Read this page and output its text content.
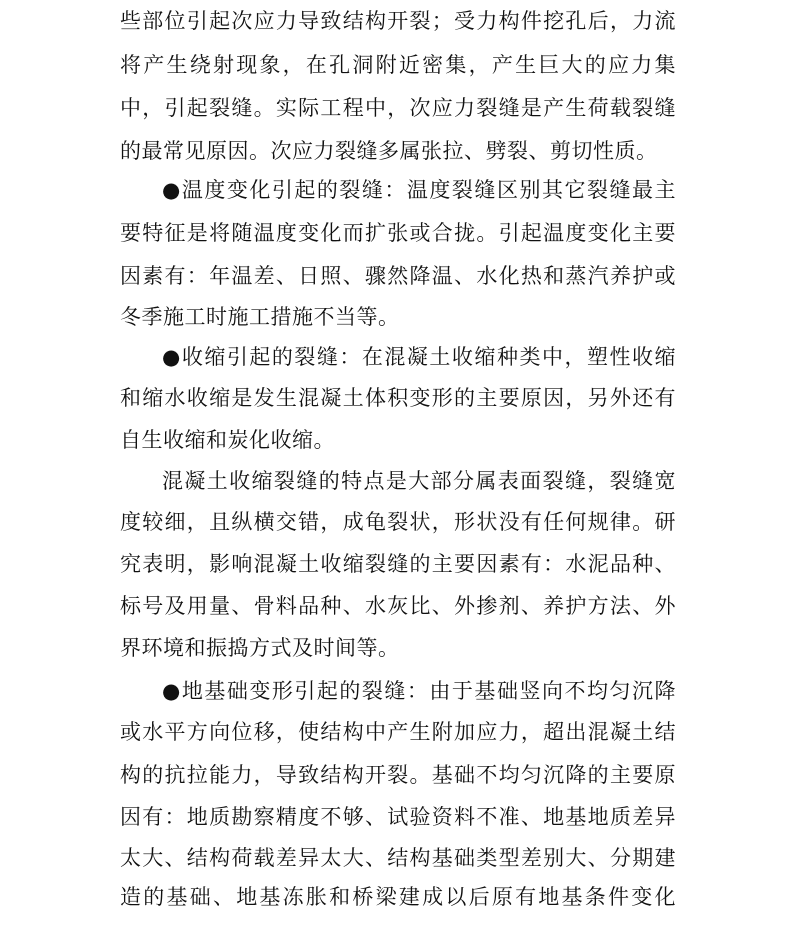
些部位引起次应力导致结构开裂；受力构件挖孔后，力流
将产生绕射现象，在孔洞附近密集，产生巨大的应力集
中，引起裂缝。实际工程中，次应力裂缝是产生荷载裂缝
的最常见原因。次应力裂缝多属张拉、劈裂、剪切性质。
●温度变化引起的裂缝：温度裂缝区别其它裂缝最主
要特征是将随温度变化而扩张或合拢。引起温度变化主要
因素有：年温差、日照、骤然降温、水化热和蒸汽养护或
冬季施工时施工措施不当等。
●收缩引起的裂缝：在混凝土收缩种类中，塑性收缩
和缩水收缩是发生混凝土体积变形的主要原因，另外还有
自生收缩和炭化收缩。
混凝土收缩裂缝的特点是大部分属表面裂缝，裂缝宽
度较细，且纵横交错，成龟裂状，形状没有任何规律。研
究表明，影响混凝土收缩裂缝的主要因素有：水泥品种、
标号及用量、骨料品种、水灰比、外掺剂、养护方法、外
界环境和振捣方式及时间等。
●地基础变形引起的裂缝：由于基础竖向不均匀沉降
或水平方向位移，使结构中产生附加应力，超出混凝土结
构的抗拉能力，导致结构开裂。基础不均匀沉降的主要原
因有：地质勘察精度不够、试验资料不准、地基地质差异
太大、结构荷载差异太大、结构基础类型差别大、分期建
造的基础、地基冻胀和桥梁建成以后原有地基条件变化
